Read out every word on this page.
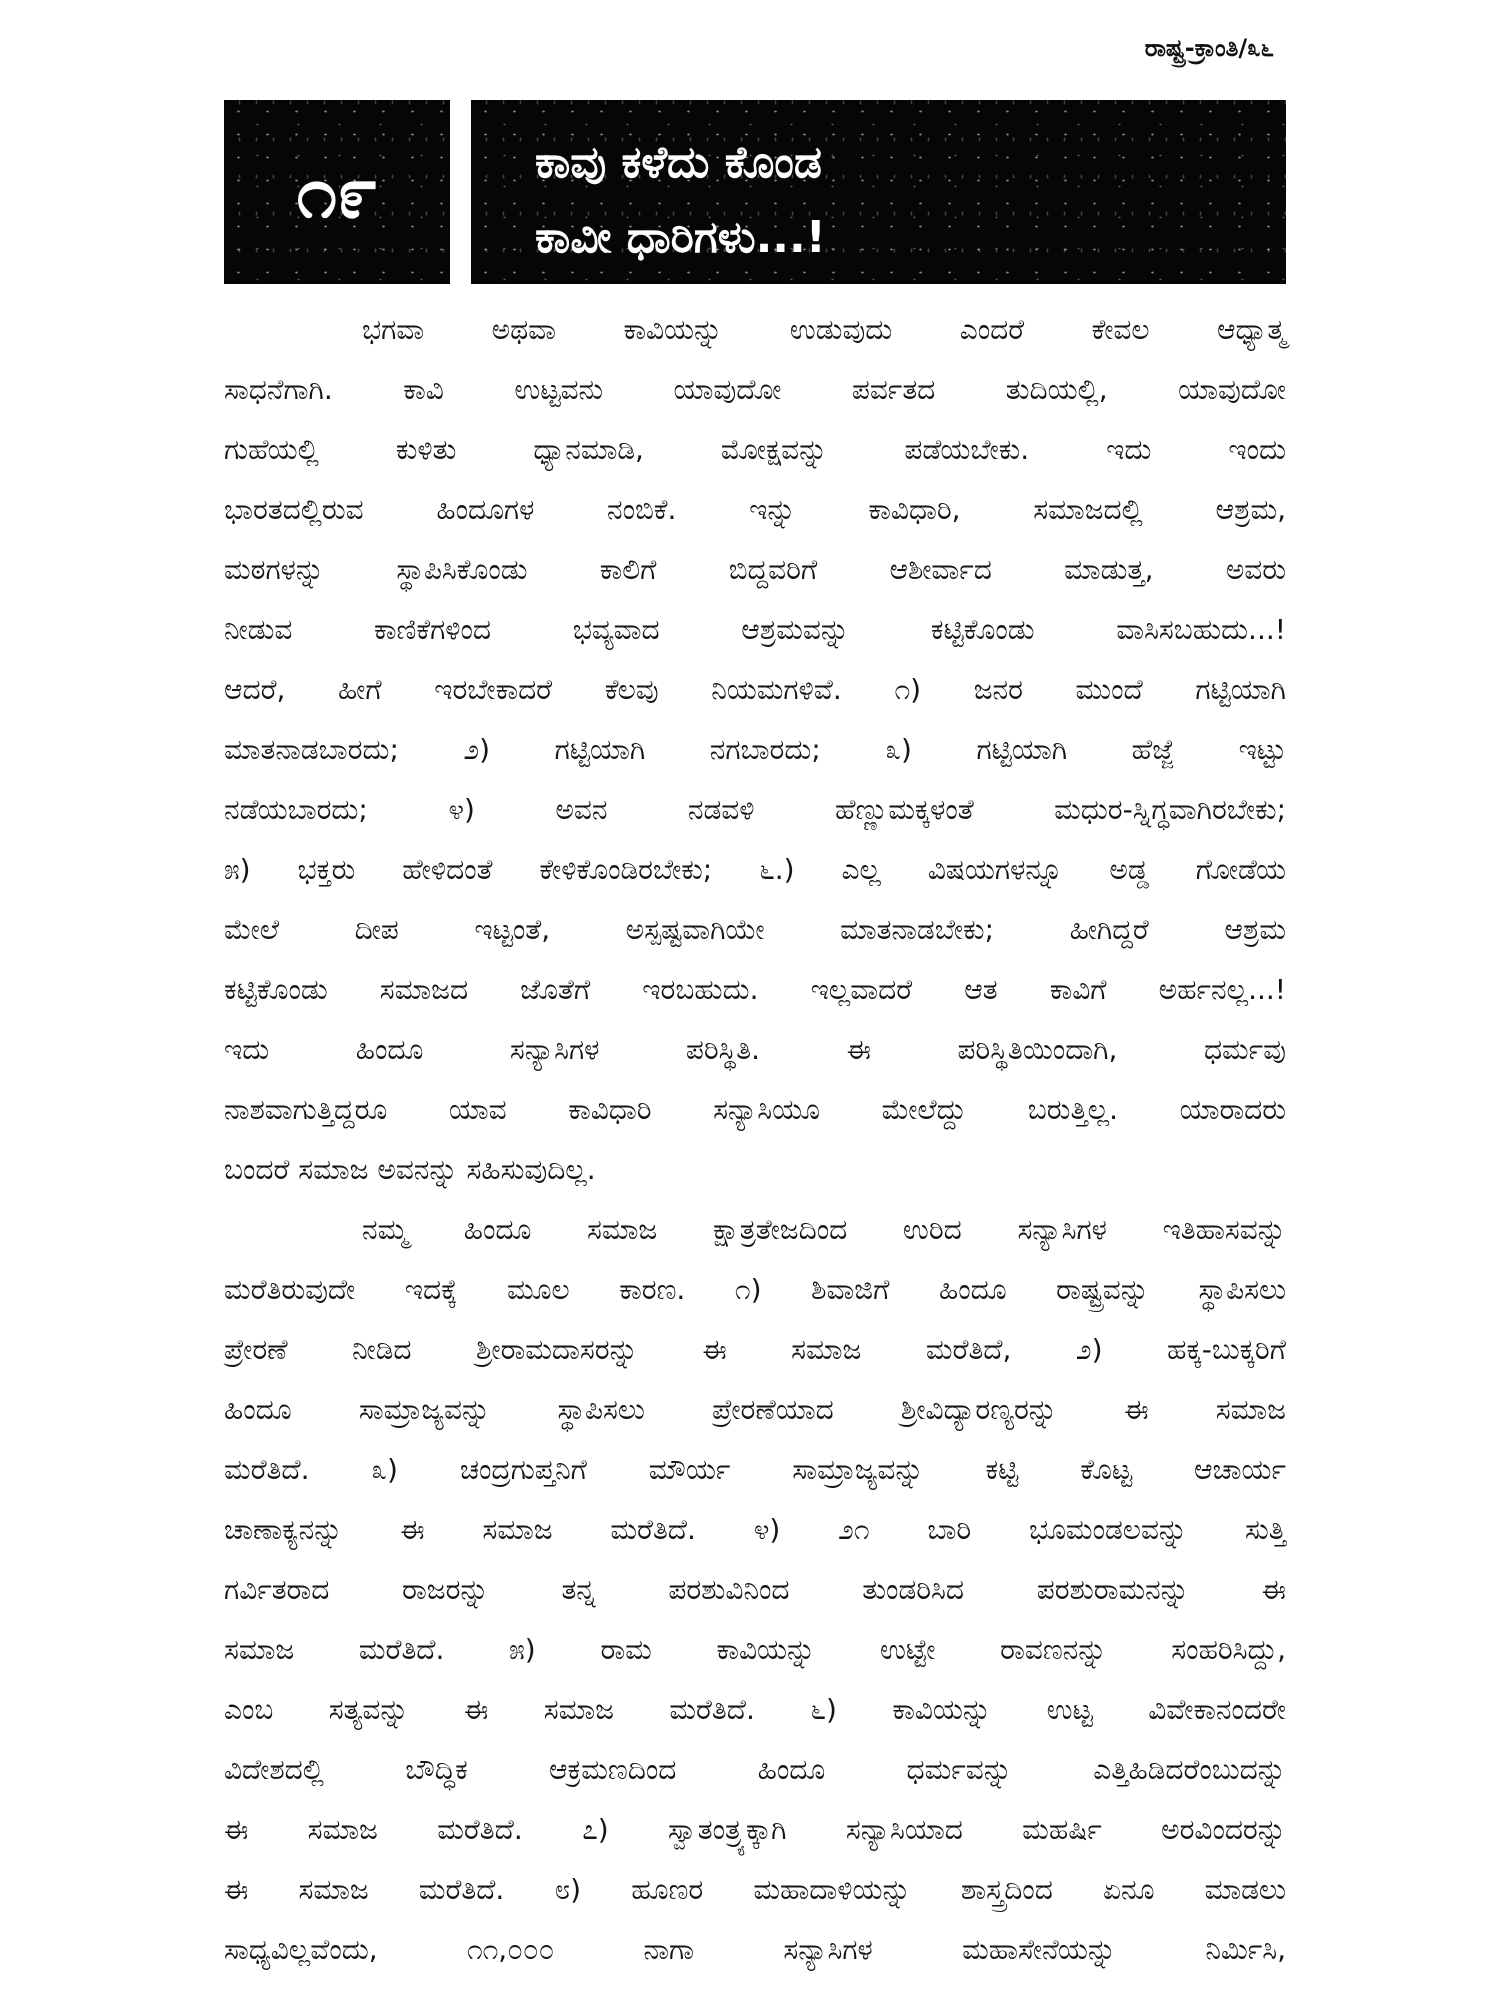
ರಾಷ್ಟ್ರ-ಕ್ರಾಂತಿ/೩೬
೧೯	ಕಾವು ಕಳೆದು ಕೊಂಡ
ಕಾವೀ ಧಾರಿಗಳು...!
ಭಗವಾ ಅಥವಾ ಕಾವಿಯನ್ನು ಉಡುವುದು ಎಂದರೆ ಕೇವಲ ಆಧ್ಯಾತ್ಮ
ಸಾಧನೆಗಾಗಿ. ಕಾವಿ ಉಟ್ಟವನು ಯಾವುದೋ ಪರ್ವತದ ತುದಿಯಲ್ಲಿ, ಯಾವುದೋ
ಗುಹೆಯಲ್ಲಿ ಕುಳಿತು ಧ್ಯಾನಮಾಡಿ, ಮೋಕ್ಷವನ್ನು ಪಡೆಯಬೇಕು. ಇದು ಇಂದು
ಭಾರತದಲ್ಲಿರುವ ಹಿಂದೂಗಳ ನಂಬಿಕೆ. ಇನ್ನು ಕಾವಿಧಾರಿ, ಸಮಾಜದಲ್ಲಿ ಆಶ್ರಮ,
ಮಠಗಳನ್ನು ಸ್ಥಾಪಿಸಿಕೊಂಡು ಕಾಲಿಗೆ ಬಿದ್ದವರಿಗೆ ಆಶೀರ್ವಾದ ಮಾಡುತ್ತ, ಅವರು
ನೀಡುವ ಕಾಣಿಕೆಗಳಿಂದ ಭವ್ಯವಾದ ಆಶ್ರಮವನ್ನು ಕಟ್ಟಿಕೊಂಡು ವಾಸಿಸಬಹುದು...!
ಆದರೆ, ಹೀಗೆ ಇರಬೇಕಾದರೆ ಕೆಲವು ನಿಯಮಗಳಿವೆ. ೧) ಜನರ ಮುಂದೆ ಗಟ್ಟಿಯಾಗಿ
ಮಾತನಾಡಬಾರದು; ೨) ಗಟ್ಟಿಯಾಗಿ ನಗಬಾರದು; ೩) ಗಟ್ಟಿಯಾಗಿ ಹೆಜ್ಜೆ ಇಟ್ಟು
ನಡೆಯಬಾರದು; ೪) ಅವನ ನಡವಳಿ ಹೆಣ್ಣುಮಕ್ಕಳಂತೆ ಮಧುರ-ಸ್ನಿಗ್ಧವಾಗಿರಬೇಕು;
೫) ಭಕ್ತರು ಹೇಳಿದಂತೆ ಕೇಳಿಕೊಂಡಿರಬೇಕು; ೬.) ಎಲ್ಲ ವಿಷಯಗಳನ್ನೂ ಅಡ್ಡ ಗೋಡೆಯ
ಮೇಲೆ ದೀಪ ಇಟ್ಟಂತೆ, ಅಸ್ಪಷ್ಟವಾಗಿಯೇ ಮಾತನಾಡಬೇಕು; ಹೀಗಿದ್ದರೆ ಆಶ್ರಮ
ಕಟ್ಟಿಕೊಂಡು ಸಮಾಜದ ಜೊತೆಗೆ ಇರಬಹುದು. ಇಲ್ಲವಾದರೆ ಆತ ಕಾವಿಗೆ ಅರ್ಹನಲ್ಲ...!
ಇದು ಹಿಂದೂ ಸನ್ಯಾಸಿಗಳ ಪರಿಸ್ಥಿತಿ. ಈ ಪರಿಸ್ಥಿತಿಯಿಂದಾಗಿ, ಧರ್ಮವು
ನಾಶವಾಗುತ್ತಿದ್ದರೂ ಯಾವ ಕಾವಿಧಾರಿ ಸನ್ಯಾಸಿಯೂ ಮೇಲೆದ್ದು ಬರುತ್ತಿಲ್ಲ. ಯಾರಾದರು
ಬಂದರೆ ಸಮಾಜ ಅವನನ್ನು ಸಹಿಸುವುದಿಲ್ಲ.
ನಮ್ಮ ಹಿಂದೂ ಸಮಾಜ ಕ್ಷಾತ್ರತೇಜದಿಂದ ಉರಿದ ಸನ್ಯಾಸಿಗಳ ಇತಿಹಾಸವನ್ನು
ಮರೆತಿರುವುದೇ ಇದಕ್ಕೆ ಮೂಲ ಕಾರಣ. ೧) ಶಿವಾಜಿಗೆ ಹಿಂದೂ ರಾಷ್ಟ್ರವನ್ನು ಸ್ಥಾಪಿಸಲು
ಪ್ರೇರಣೆ ನೀಡಿದ ಶ್ರೀರಾಮದಾಸರನ್ನು ಈ ಸಮಾಜ ಮರೆತಿದೆ, ೨) ಹಕ್ಕ-ಬುಕ್ಕರಿಗೆ
ಹಿಂದೂ ಸಾಮ್ರಾಜ್ಯವನ್ನು ಸ್ಥಾಪಿಸಲು ಪ್ರೇರಣೆಯಾದ ಶ್ರೀವಿದ್ಯಾರಣ್ಯರನ್ನು ಈ ಸಮಾಜ
ಮರೆತಿದೆ. ೩) ಚಂದ್ರಗುಪ್ತನಿಗೆ ಮೌರ್ಯ ಸಾಮ್ರಾಜ್ಯವನ್ನು ಕಟ್ಟಿ ಕೊಟ್ಟ ಆಚಾರ್ಯ
ಚಾಣಾಕ್ಯನನ್ನು ಈ ಸಮಾಜ ಮರೆತಿದೆ. ೪) ೨೧ ಬಾರಿ ಭೂಮಂಡಲವನ್ನು ಸುತ್ತಿ
ಗರ್ವಿತರಾದ ರಾಜರನ್ನು ತನ್ನ ಪರಶುವಿನಿಂದ ತುಂಡರಿಸಿದ ಪರಶುರಾಮನನ್ನು ಈ
ಸಮಾಜ ಮರೆತಿದೆ. ೫) ರಾಮ ಕಾವಿಯನ್ನು ಉಟ್ಟೇ ರಾವಣನನ್ನು ಸಂಹರಿಸಿದ್ದು,
ಎಂಬ ಸತ್ಯವನ್ನು ಈ ಸಮಾಜ ಮರೆತಿದೆ. ೬) ಕಾವಿಯನ್ನು ಉಟ್ಟ ವಿವೇಕಾನಂದರೇ
ವಿದೇಶದಲ್ಲಿ ಬೌದ್ಧಿಕ ಆಕ್ರಮಣದಿಂದ ಹಿಂದೂ ಧರ್ಮವನ್ನು ಎತ್ತಿಹಿಡಿದರೆಂಬುದನ್ನು
ಈ ಸಮಾಜ ಮರೆತಿದೆ. ೭) ಸ್ವಾತಂತ್ರ್ಯಕ್ಕಾಗಿ ಸನ್ಯಾಸಿಯಾದ ಮಹರ್ಷಿ ಅರವಿಂದರನ್ನು
ಈ ಸಮಾಜ ಮರೆತಿದೆ. ೮) ಹೂಣರ ಮಹಾದಾಳಿಯನ್ನು ಶಾಸ್ತ್ರದಿಂದ ಏನೂ ಮಾಡಲು
ಸಾಧ್ಯವಿಲ್ಲವೆಂದು, ೧೧,೦೦೦ ನಾಗಾ ಸನ್ಯಾಸಿಗಳ ಮಹಾಸೇನೆಯನ್ನು ನಿರ್ಮಿಸಿ,
